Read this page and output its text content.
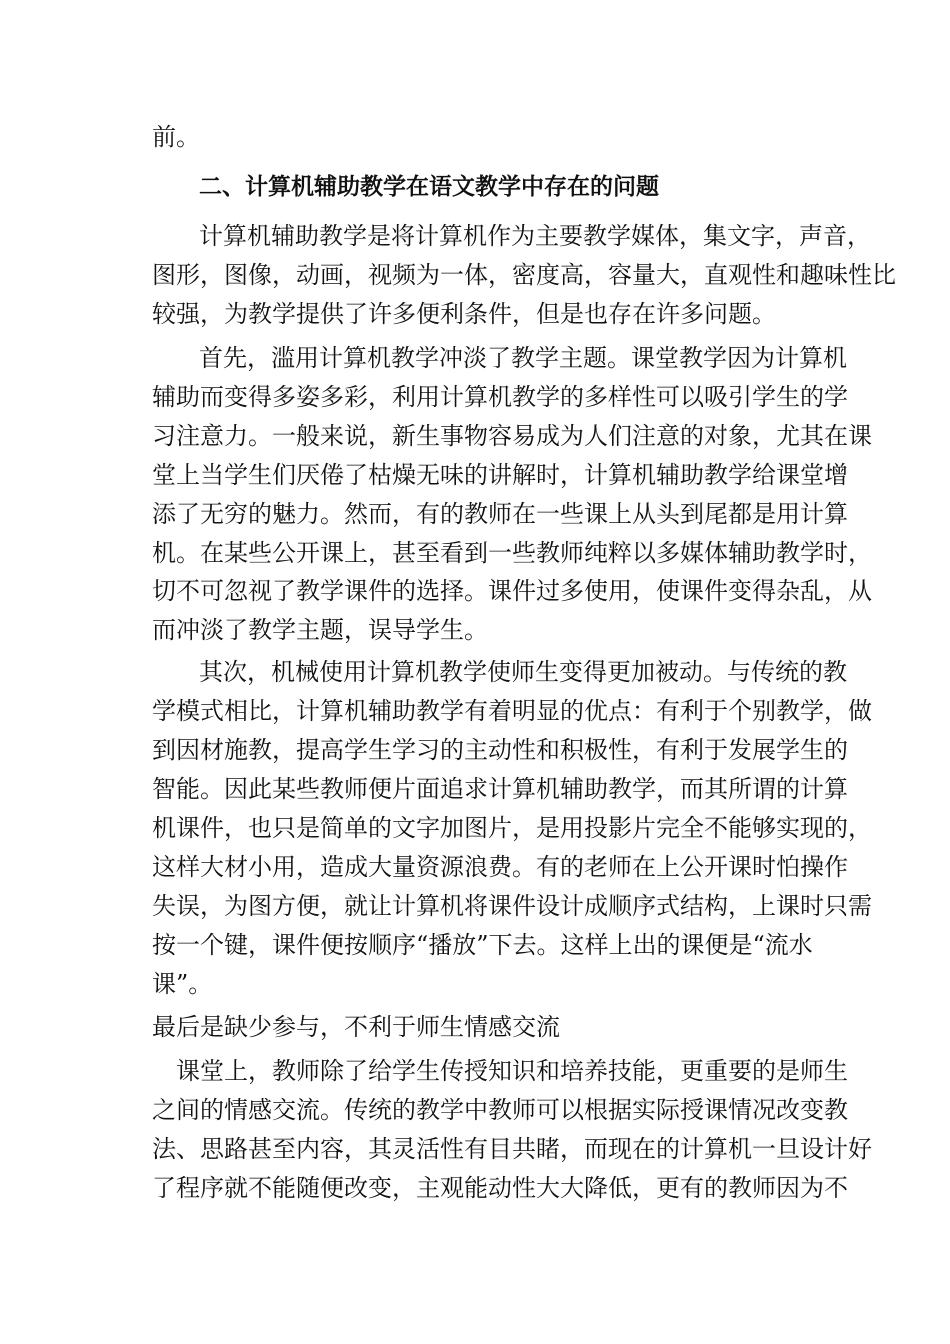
前。
二、计算机辅助教学在语文教学中存在的问题
计算机辅助教学是将计算机作为主要教学媒体，集文字，声音，
图形，图像，动画，视频为一体，密度高，容量大，直观性和趣味性比
较强，为教学提供了许多便利条件，但是也存在许多问题。
首先，滥用计算机教学冲淡了教学主题。课堂教学因为计算机
辅助而变得多姿多彩，利用计算机教学的多样性可以吸引学生的学
习注意力。一般来说，新生事物容易成为人们注意的对象，尤其在课
堂上当学生们厌倦了枯燥无味的讲解时，计算机辅助教学给课堂增
添了无穷的魅力。然而，有的教师在一些课上从头到尾都是用计算
机。在某些公开课上，甚至看到一些教师纯粹以多媒体辅助教学时，
切不可忽视了教学课件的选择。课件过多使用，使课件变得杂乱，从
而冲淡了教学主题，误导学生。
其次，机械使用计算机教学使师生变得更加被动。与传统的教
学模式相比，计算机辅助教学有着明显的优点：有利于个别教学，做
到因材施教，提高学生学习的主动性和积极性，有利于发展学生的
智能。因此某些教师便片面追求计算机辅助教学，而其所谓的计算
机课件，也只是简单的文字加图片，是用投影片完全不能够实现的，
这样大材小用，造成大量资源浪费。有的老师在上公开课时怕操作
失误，为图方便，就让计算机将课件设计成顺序式结构，上课时只需
按一个键，课件便按顺序“播放”下去。这样上出的课便是“流水
课”。
最后是缺少参与，不利于师生情感交流
课堂上，教师除了给学生传授知识和培养技能，更重要的是师生
之间的情感交流。传统的教学中教师可以根据实际授课情况改变教
法、思路甚至内容，其灵活性有目共睹，而现在的计算机一旦设计好
了程序就不能随便改变，主观能动性大大降低，更有的教师因为不
